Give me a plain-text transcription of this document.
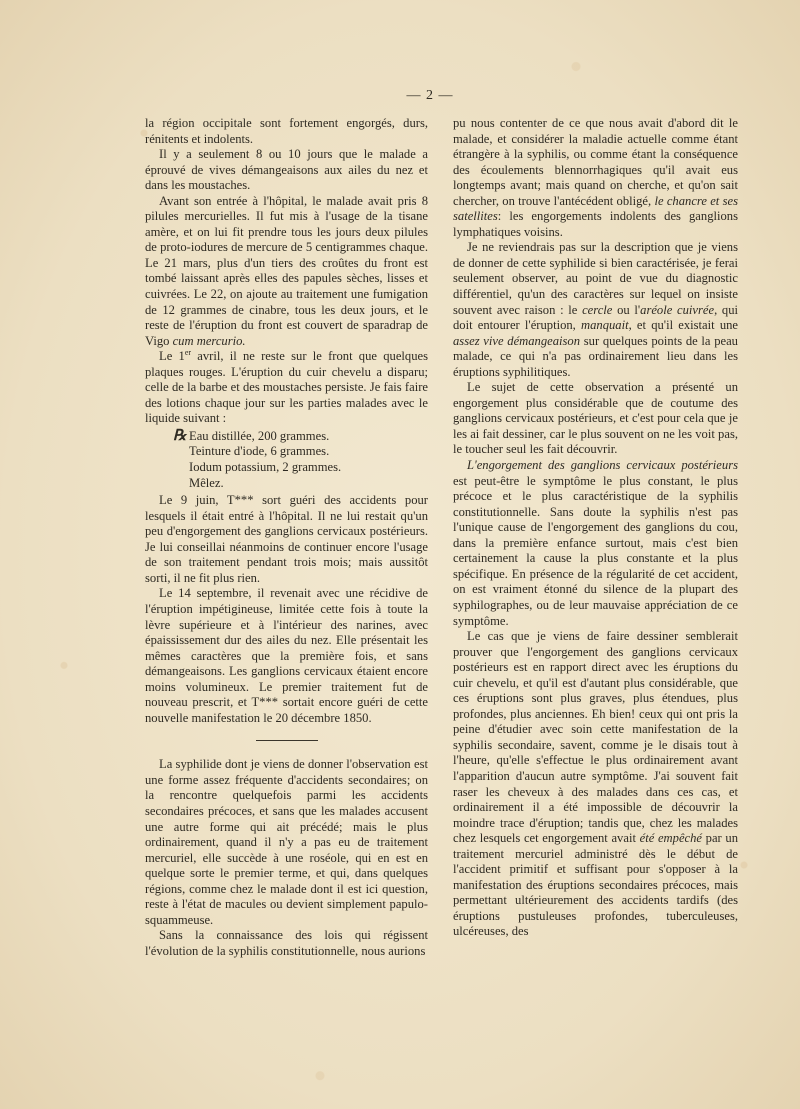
— 2 —

la région occipitale sont fortement engorgés, durs, rénitents et indolents.

Il y a seulement 8 ou 10 jours que le malade a éprouvé de vives démangeaisons aux ailes du nez et dans les moustaches.

Avant son entrée à l'hôpital, le malade avait pris 8 pilules mercurielles. Il fut mis à l'usage de la tisane amère, et on lui fit prendre tous les jours deux pilules de proto-iodures de mercure de 5 centigrammes chaque. Le 21 mars, plus d'un tiers des croûtes du front est tombé laissant après elles des papules sèches, lisses et cuivrées. Le 22, on ajoute au traitement une fumigation de 12 grammes de cinabre, tous les deux jours, et le reste de l'éruption du front est couvert de sparadrap de Vigo cum mercurio.

Le 1er avril, il ne reste sur le front que quelques plaques rouges. L'éruption du cuir chevelu a disparu; celle de la barbe et des moustaches persiste. Je fais faire des lotions chaque jour sur les parties malades avec le liquide suivant :

℞ Eau distillée, 200 grammes.

Teinture d'iode, 6 grammes.

Iodum potassium, 2 grammes.

Mêlez.

Le 9 juin, T*** sort guéri des accidents pour lesquels il était entré à l'hôpital. Il ne lui restait qu'un peu d'engorgement des ganglions cervicaux postérieurs. Je lui conseillai néanmoins de continuer encore l'usage de son traitement pendant trois mois; mais aussitôt sorti, il ne fit plus rien.

Le 14 septembre, il revenait avec une récidive de l'éruption impétigineuse, limitée cette fois à toute la lèvre supérieure et à l'intérieur des narines, avec épaississement dur des ailes du nez. Elle présentait les mêmes caractères que la première fois, et sans démangeaisons. Les ganglions cervicaux étaient encore moins volumineux. Le premier traitement fut de nouveau prescrit, et T*** sortait encore guéri de cette nouvelle manifestation le 20 décembre 1850.

La syphilide dont je viens de donner l'observation est une forme assez fréquente d'accidents secondaires; on la rencontre quelquefois parmi les accidents secondaires précoces, et sans que les malades accusent une autre forme qui ait précédé; mais le plus ordinairement, quand il n'y a pas eu de traitement mercuriel, elle succède à une roséole, qui en est en quelque sorte le premier terme, et qui, dans quelques régions, comme chez le malade dont il est ici question, reste à l'état de macules ou devient simplement papulo-squammeuse.

Sans la connaissance des lois qui régissent l'évolution de la syphilis constitutionnelle, nous aurions

pu nous contenter de ce que nous avait d'abord dit le malade, et considérer la maladie actuelle comme étant étrangère à la syphilis, ou comme étant la conséquence des écoulements blennorrhagiques qu'il avait eus longtemps avant; mais quand on cherche, et qu'on sait chercher, on trouve l'antécédent obligé, le chancre et ses satellites: les engorgements indolents des ganglions lymphatiques voisins.

Je ne reviendrais pas sur la description que je viens de donner de cette syphilide si bien caractérisée, je ferai seulement observer, au point de vue du diagnostic différentiel, qu'un des caractères sur lequel on insiste souvent avec raison : le cercle ou l'aréole cuivrée, qui doit entourer l'éruption, manquait, et qu'il existait une assez vive démangeaison sur quelques points de la peau malade, ce qui n'a pas ordinairement lieu dans les éruptions syphilitiques.

Le sujet de cette observation a présenté un engorgement plus considérable que de coutume des ganglions cervicaux postérieurs, et c'est pour cela que je les ai fait dessiner, car le plus souvent on ne les voit pas, le toucher seul les fait découvrir.

L'engorgement des ganglions cervicaux postérieurs est peut-être le symptôme le plus constant, le plus précoce et le plus caractéristique de la syphilis constitutionnelle. Sans doute la syphilis n'est pas l'unique cause de l'engorgement des ganglions du cou, dans la première enfance surtout, mais c'est bien certainement la cause la plus constante et la plus spécifique. En présence de la régularité de cet accident, on est vraiment étonné du silence de la plupart des syphilographes, ou de leur mauvaise appréciation de ce symptôme.

Le cas que je viens de faire dessiner semblerait prouver que l'engorgement des ganglions cervicaux postérieurs est en rapport direct avec les éruptions du cuir chevelu, et qu'il est d'autant plus considérable, que ces éruptions sont plus graves, plus étendues, plus profondes, plus anciennes. Eh bien! ceux qui ont pris la peine d'étudier avec soin cette manifestation de la syphilis secondaire, savent, comme je le disais tout à l'heure, qu'elle s'effectue le plus ordinairement avant l'apparition d'aucun autre symptôme. J'ai souvent fait raser les cheveux à des malades dans ces cas, et ordinairement il a été impossible de découvrir la moindre trace d'éruption; tandis que, chez les malades chez lesquels cet engorgement avait été empêché par un traitement mercuriel administré dès le début de l'accident primitif et suffisant pour s'opposer à la manifestation des éruptions secondaires précoces, mais permettant ultérieurement des accidents tardifs (des éruptions pustuleuses profondes, tuberculeuses, ulcéreuses, des
